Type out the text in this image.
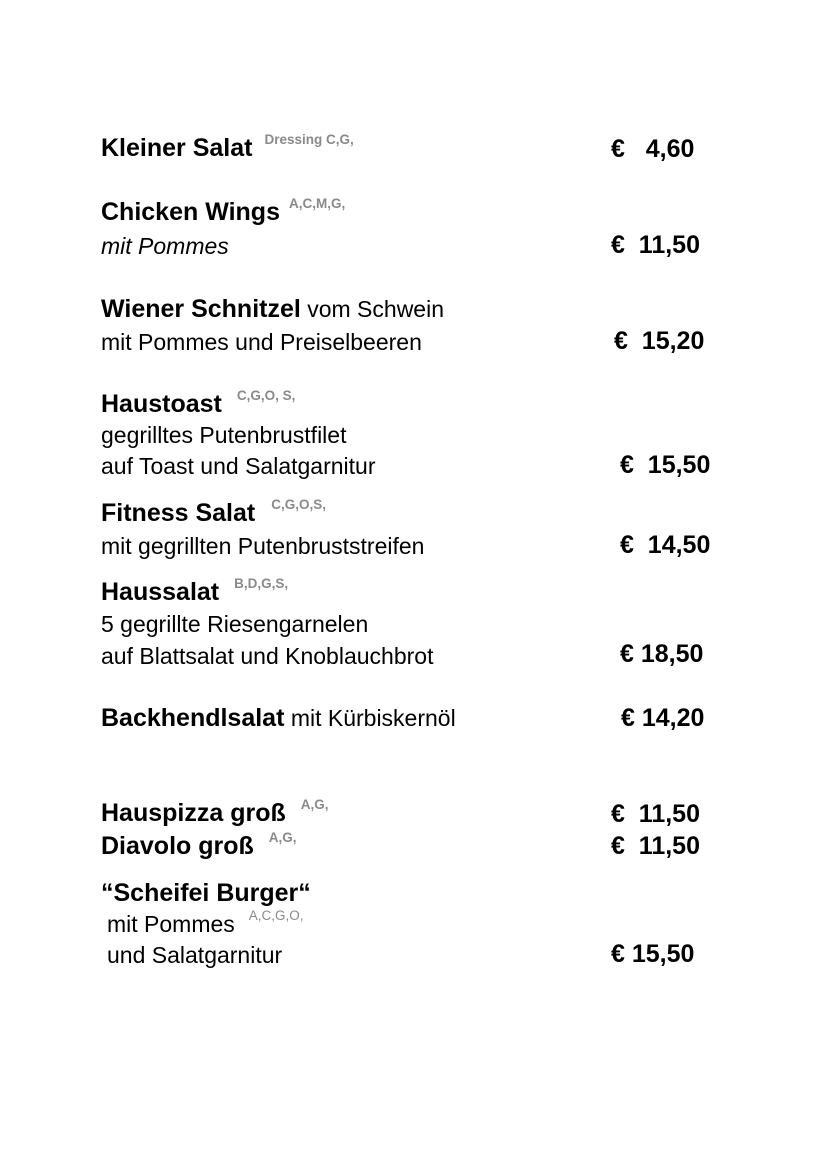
Kleiner Salat $^{Dressing C,G,}$	€   4,60
Chicken Wings $^{A,C,M,G,}$
mit Pommes	€  11,50
Wiener Schnitzel vom Schwein
mit Pommes und Preiselbeeren	€  15,20
Haustoast $^{C,G,O, S,}$
gegrilltes Putenbrustfilet
auf Toast und Salatgarnitur	€  15,50
Fitness Salat $^{C,G,O,S,}$
mit gegrillten Putenbruststreifen	€  14,50
Haussalat $^{B,D,G,S,}$
5 gegrillte Riesengarnelen
auf Blattsalat und Knoblauchbrot	€ 18,50
Backhendlsalat mit Kürbiskernöl	€ 14,20
Hauspizza groß $^{A,G,}$	€  11,50
Diavolo groß $^{A,G,}$	€  11,50
“Scheifei Burger“
mit Pommes $^{A,C,G,O,}$
und Salatgarnitur	€ 15,50
